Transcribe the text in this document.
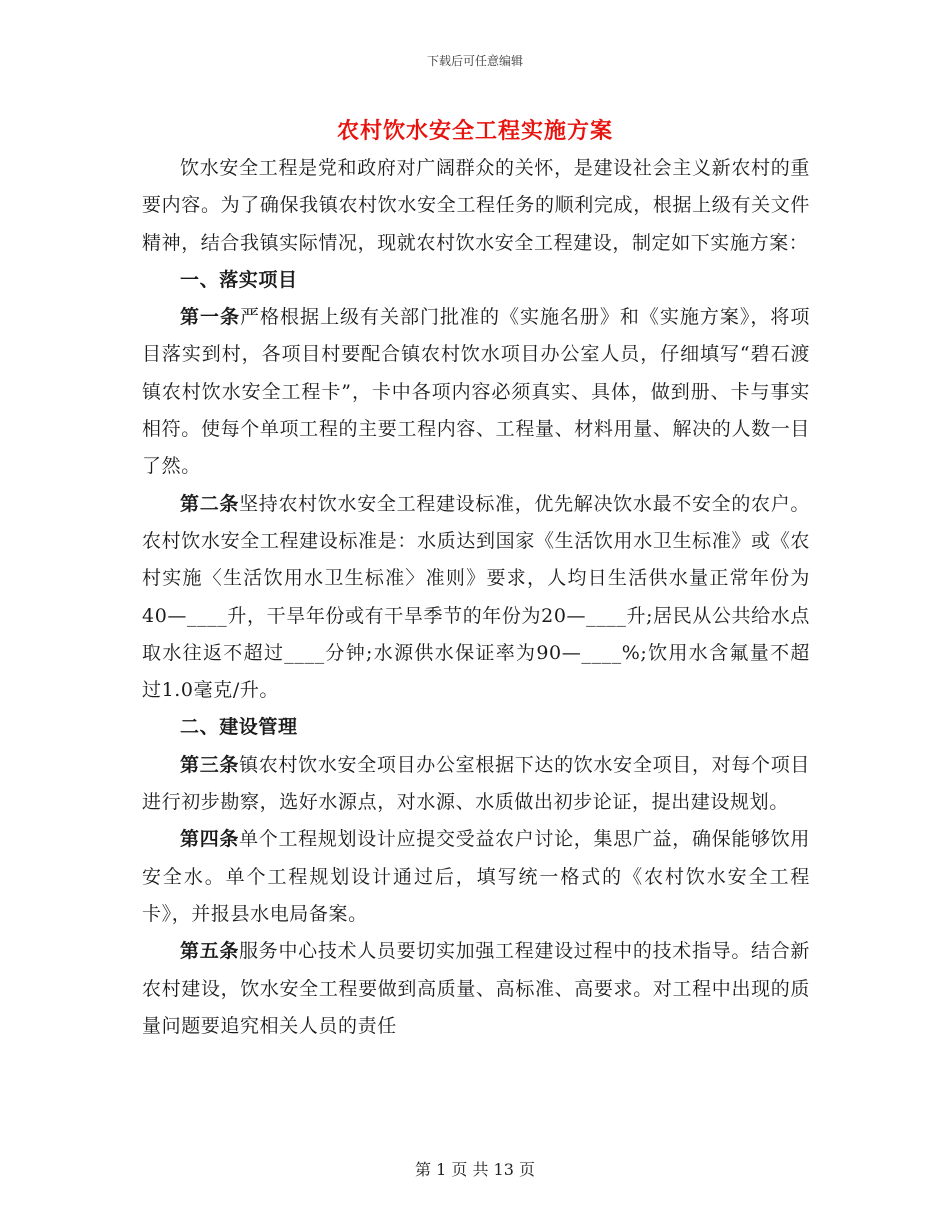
下载后可任意编辑
农村饮水安全工程实施方案

饮水安全工程是党和政府对广阔群众的关怀，是建设社会主义新农村的重要内容。为了确保我镇农村饮水安全工程任务的顺利完成，根据上级有关文件精神，结合我镇实际情况，现就农村饮水安全工程建设，制定如下实施方案：

一、落实项目

第一条严格根据上级有关部门批准的《实施名册》和《实施方案》，将项目落实到村，各项目村要配合镇农村饮水项目办公室人员，仔细填写“碧石渡镇农村饮水安全工程卡”，卡中各项内容必须真实、具体，做到册、卡与事实相符。使每个单项工程的主要工程内容、工程量、材料用量、解决的人数一目了然。

第二条坚持农村饮水安全工程建设标准，优先解决饮水最不安全的农户。农村饮水安全工程建设标准是：水质达到国家《生活饮用水卫生标准》或《农村实施〈生活饮用水卫生标准〉准则》要求，人均日生活供水量正常年份为40—____升，干旱年份或有干旱季节的年份为20—____升;居民从公共给水点取水往返不超过____分钟;水源供水保证率为90—____%;饮用水含氟量不超过1.0毫克/升。

二、建设管理

第三条镇农村饮水安全项目办公室根据下达的饮水安全项目，对每个项目进行初步勘察，选好水源点，对水源、水质做出初步论证，提出建设规划。

第四条单个工程规划设计应提交受益农户讨论，集思广益，确保能够饮用安全水。单个工程规划设计通过后，填写统一格式的《农村饮水安全工程卡》，并报县水电局备案。

第五条服务中心技术人员要切实加强工程建设过程中的技术指导。结合新农村建设，饮水安全工程要做到高质量、高标准、高要求。对工程中出现的质量问题要追究相关人员的责任

第 1 页 共 13 页
